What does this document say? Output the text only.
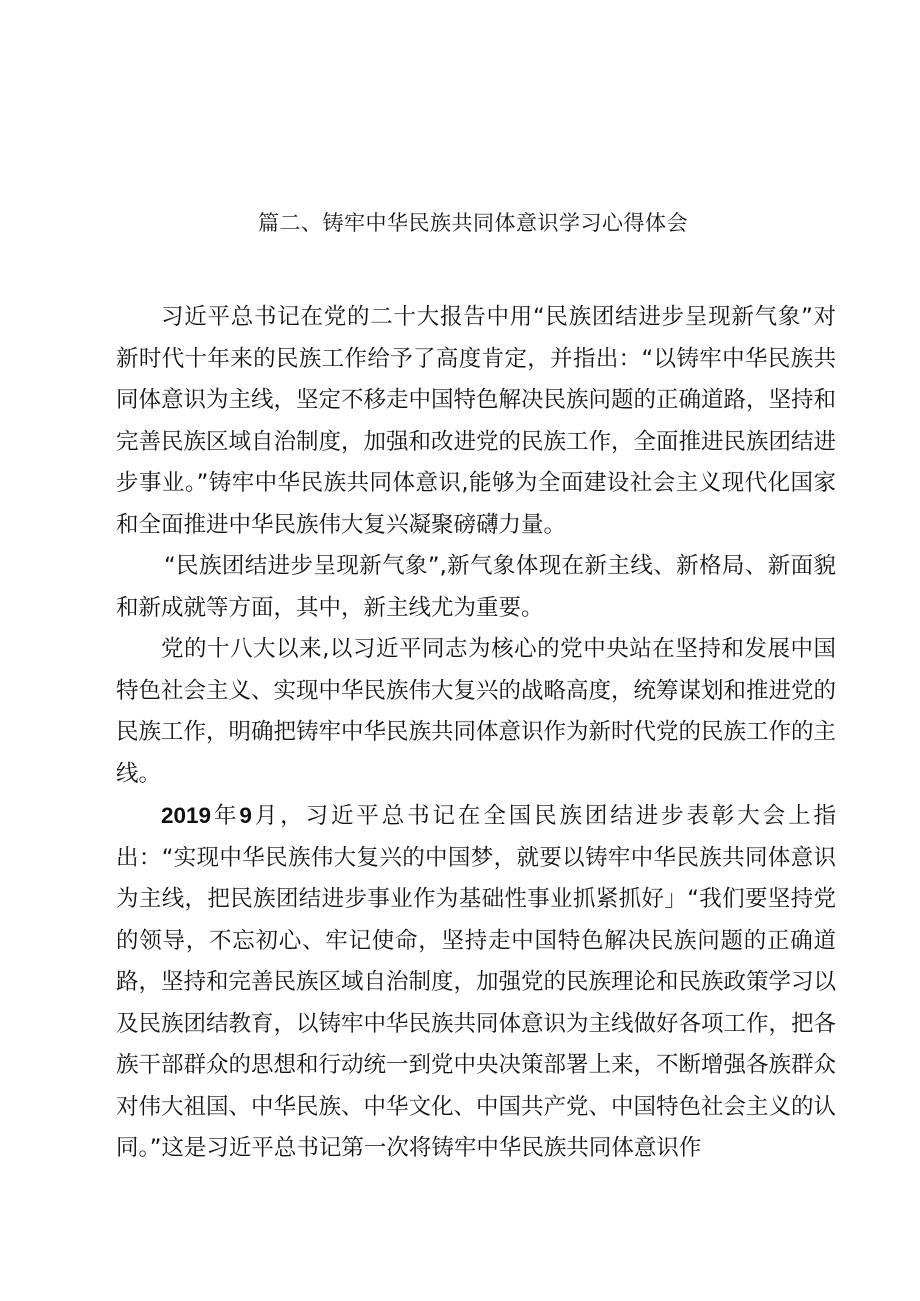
篇二、铸牢中华民族共同体意识学习心得体会

习近平总书记在党的二十大报告中用“民族团结进步呈现新气象”对新时代十年来的民族工作给予了高度肯定，并指出：“以铸牢中华民族共同体意识为主线，坚定不移走中国特色解决民族问题的正确道路，坚持和完善民族区域自治制度，加强和改进党的民族工作，全面推进民族团结进步事业。”铸牢中华民族共同体意识,能够为全面建设社会主义现代化国家和全面推进中华民族伟大复兴凝聚磅礴力量。

“民族团结进步呈现新气象”,新气象体现在新主线、新格局、新面貌和新成就等方面，其中，新主线尤为重要。

党的十八大以来,以习近平同志为核心的党中央站在坚持和发展中国特色社会主义、实现中华民族伟大复兴的战略高度，统筹谋划和推进党的民族工作，明确把铸牢中华民族共同体意识作为新时代党的民族工作的主线。

2019年9月，习近平总书记在全国民族团结进步表彰大会上指出：“实现中华民族伟大复兴的中国梦，就要以铸牢中华民族共同体意识为主线，把民族团结进步事业作为基础性事业抓紧抓好」“我们要坚持党的领导，不忘初心、牢记使命，坚持走中国特色解决民族问题的正确道路，坚持和完善民族区域自治制度，加强党的民族理论和民族政策学习以及民族团结教育，以铸牢中华民族共同体意识为主线做好各项工作，把各族干部群众的思想和行动统一到党中央决策部署上来，不断增强各族群众对伟大祖国、中华民族、中华文化、中国共产党、中国特色社会主义的认同。”这是习近平总书记第一次将铸牢中华民族共同体意识作
